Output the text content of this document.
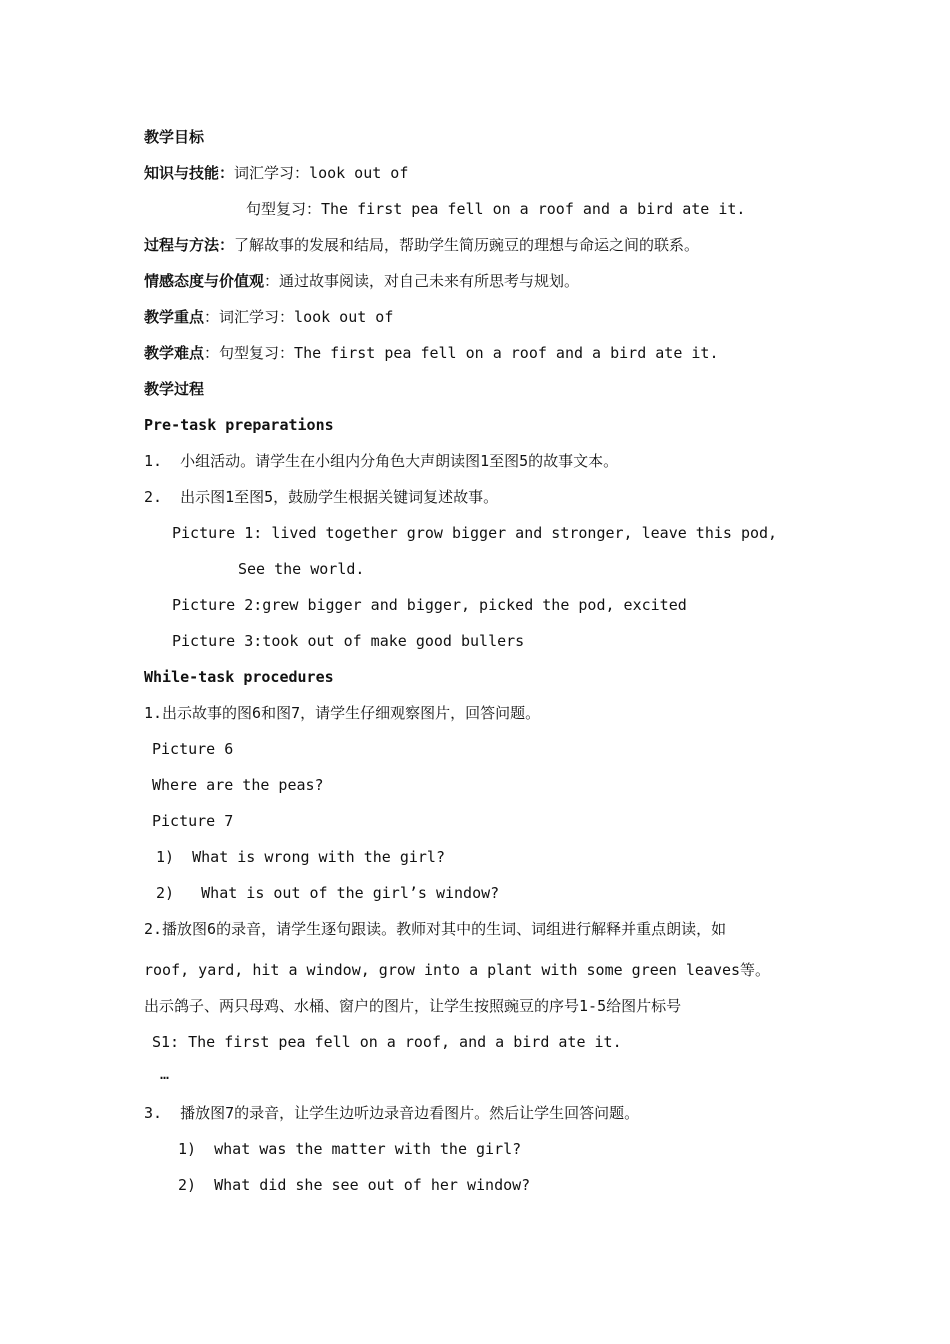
教学目标
知识与技能：词汇学习：look out of
句型复习：The first pea fell on a roof and a bird ate it.
过程与方法：了解故事的发展和结局，帮助学生简历豌豆的理想与命运之间的联系。
情感态度与价值观：通过故事阅读，对自己未来有所思考与规划。
教学重点：词汇学习：look out of
教学难点：句型复习：The first pea fell on a roof and a bird ate it.
教学过程
Pre-task preparations
1.  小组活动。请学生在小组内分角色大声朗读图1至图5的故事文本。
2.  出示图1至图5，鼓励学生根据关键词复述故事。
Picture 1: lived together grow bigger and stronger, leave this pod,
See the world.
Picture 2:grew bigger and bigger, picked the pod, excited
Picture 3:took out of make good bullers
While-task procedures
1.出示故事的图6和图7，请学生仔细观察图片，回答问题。
Picture 6
Where are the peas?
Picture 7
1)  What is wrong with the girl?
2)   What is out of the girl’s window?
2.播放图6的录音，请学生逐句跟读。教师对其中的生词、词组进行解释并重点朗读，如
roof, yard, hit a window, grow into a plant with some green leaves等。
出示鸽子、两只母鸡、水桶、窗户的图片，让学生按照豌豆的序号1-5给图片标号
S1: The first pea fell on a roof, and a bird ate it.
…
3.  播放图7的录音，让学生边听边录音边看图片。然后让学生回答问题。
1)  what was the matter with the girl?
2)  What did she see out of her window?
